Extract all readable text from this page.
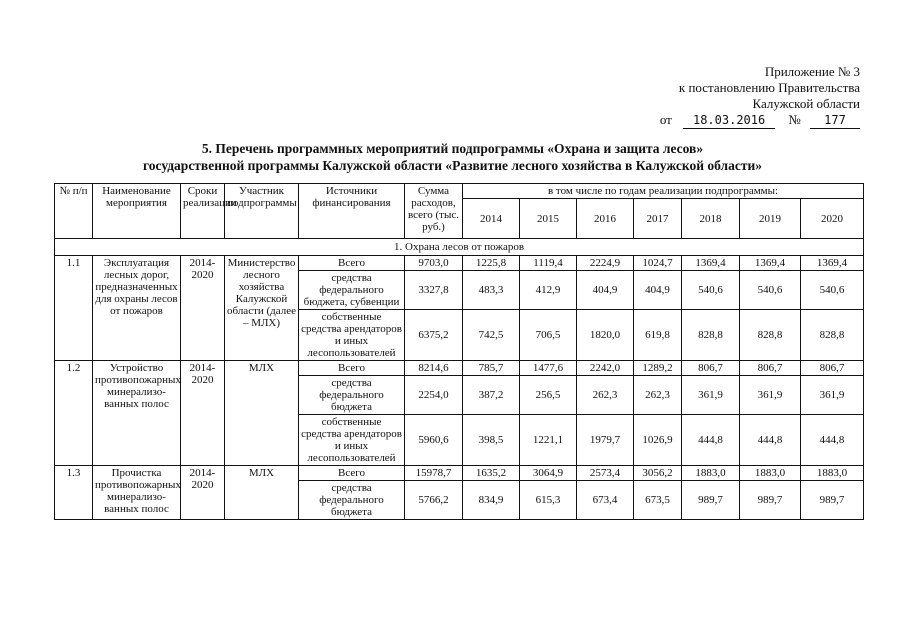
Приложение № 3
к постановлению Правительства
Калужской области
от 18.03.2016 № 177
5. Перечень программных мероприятий подпрограммы «Охрана и защита лесов»
государственной программы Калужской области «Развитие лесного хозяйства в Калужской области»
№ п/п	Наименование мероприятия	Сроки реализации	Участник подпрограммы	Источники финансирования	Сумма расходов, всего (тыс. руб.)	в том числе по годам реализации подпрограммы:						
						2014	2015	2016	2017	2018	2019	2020
1. Охрана лесов от пожаров												
1.1	Эксплуатация лесных дорог, предназначенных для охраны лесов от пожаров	2014-2020	Министерство лесного хозяйства Калужской области (далее – МЛХ)	Всего	9703,0	1225,8	1119,4	2224,9	1024,7	1369,4	1369,4	1369,4
				средства федерального бюджета, субвенции	3327,8	483,3	412,9	404,9	404,9	540,6	540,6	540,6
				собственные средства арендаторов и иных лесопользователей	6375,2	742,5	706,5	1820,0	619,8	828,8	828,8	828,8
1.2	Устройство противопожарных минерализо-ванных полос	2014-2020	МЛХ	Всего	8214,6	785,7	1477,6	2242,0	1289,2	806,7	806,7	806,7
				средства федерального бюджета	2254,0	387,2	256,5	262,3	262,3	361,9	361,9	361,9
				собственные средства арендаторов и иных лесопользователей	5960,6	398,5	1221,1	1979,7	1026,9	444,8	444,8	444,8
1.3	Прочистка противопожарных минерализо-ванных полос	2014-2020	МЛХ	Всего	15978,7	1635,2	3064,9	2573,4	3056,2	1883,0	1883,0	1883,0
				средства федерального бюджета	5766,2	834,9	615,3	673,4	673,5	989,7	989,7	989,7
